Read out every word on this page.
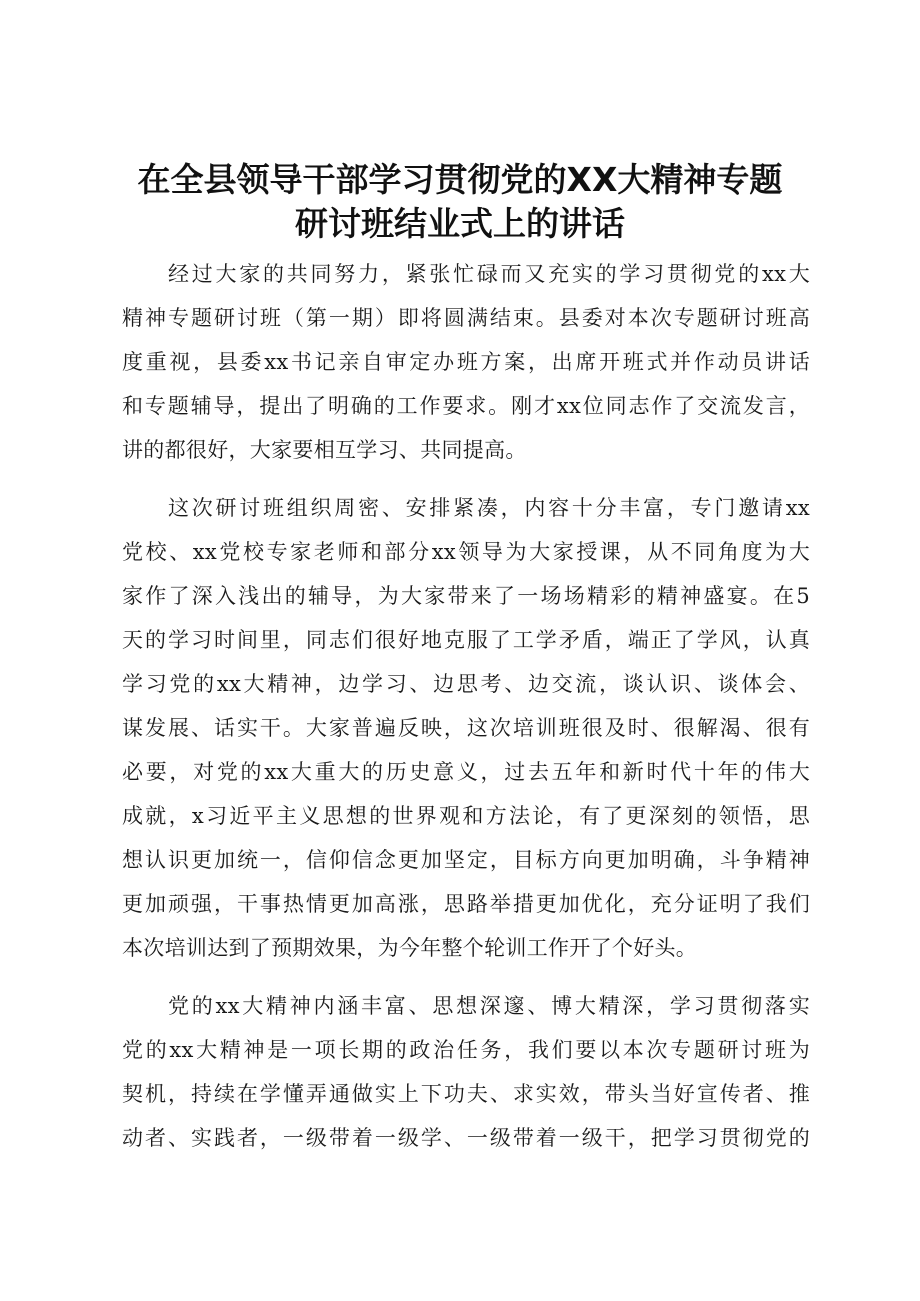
在全县领导干部学习贯彻党的XX大精神专题
研讨班结业式上的讲话
经过大家的共同努力，紧张忙碌而又充实的学习贯彻党的xx大
精神专题研讨班（第一期）即将圆满结束。县委对本次专题研讨班高
度重视，县委xx书记亲自审定办班方案，出席开班式并作动员讲话
和专题辅导，提出了明确的工作要求。刚才xx位同志作了交流发言，
讲的都很好，大家要相互学习、共同提高。
这次研讨班组织周密、安排紧凑，内容十分丰富，专门邀请xx
党校、xx党校专家老师和部分xx领导为大家授课，从不同角度为大
家作了深入浅出的辅导，为大家带来了一场场精彩的精神盛宴。在5
天的学习时间里，同志们很好地克服了工学矛盾，端正了学风，认真
学习党的xx大精神，边学习、边思考、边交流，谈认识、谈体会、
谋发展、话实干。大家普遍反映，这次培训班很及时、很解渴、很有
必要，对党的xx大重大的历史意义，过去五年和新时代十年的伟大
成就，x习近平主义思想的世界观和方法论，有了更深刻的领悟，思
想认识更加统一，信仰信念更加坚定，目标方向更加明确，斗争精神
更加顽强，干事热情更加高涨，思路举措更加优化，充分证明了我们
本次培训达到了预期效果，为今年整个轮训工作开了个好头。
党的xx大精神内涵丰富、思想深邃、博大精深，学习贯彻落实
党的xx大精神是一项长期的政治任务，我们要以本次专题研讨班为
契机，持续在学懂弄通做实上下功夫、求实效，带头当好宣传者、推
动者、实践者，一级带着一级学、一级带着一级干，把学习贯彻党的
